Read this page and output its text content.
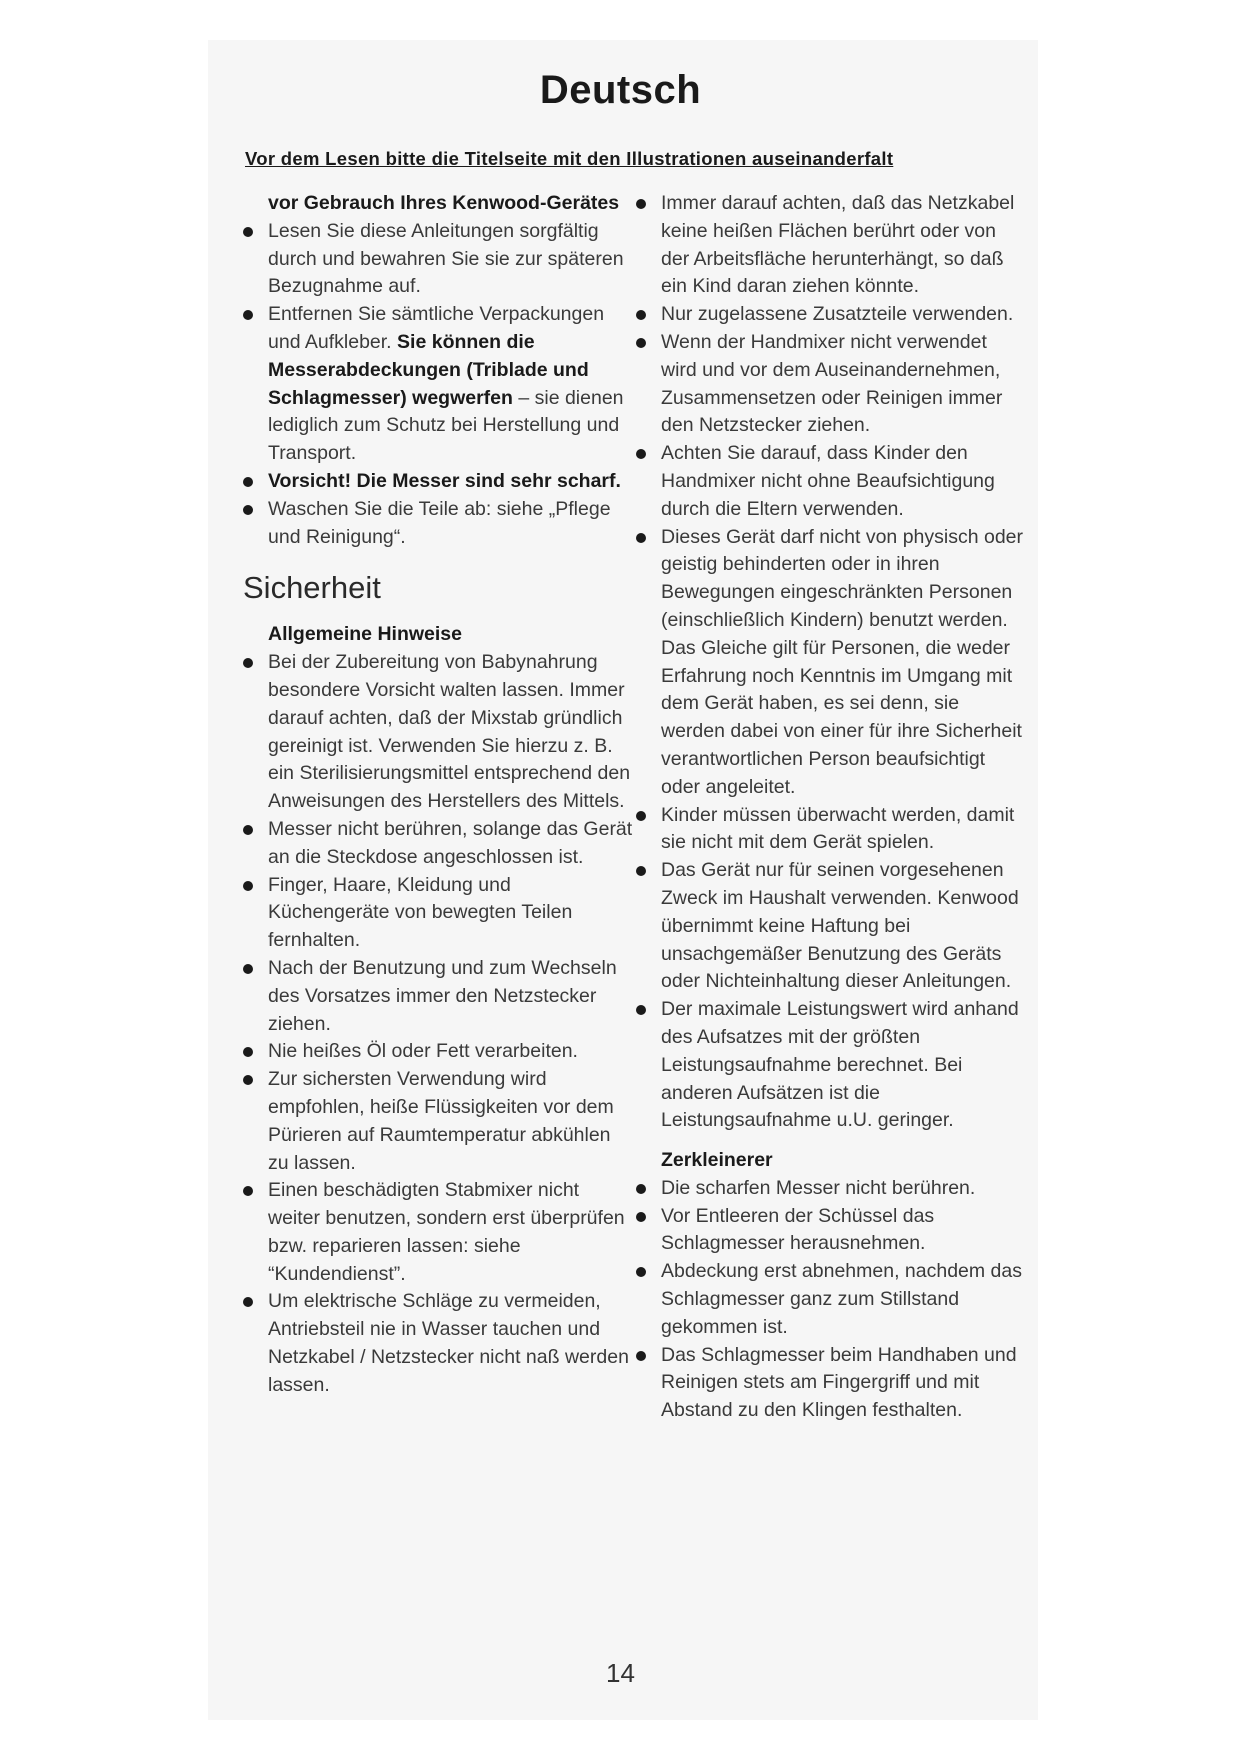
Deutsch
Vor dem Lesen bitte die Titelseite mit den Illustrationen auseinanderfalt

vor Gebrauch Ihres Kenwood-Gerätes

Lesen Sie diese Anleitungen sorgfältig durch und bewahren Sie sie zur späteren Bezugnahme auf.

Entfernen Sie sämtliche Verpackungen und Aufkleber. Sie können die Messerabdeckungen (Triblade und Schlagmesser) wegwerfen – sie dienen lediglich zum Schutz bei Herstellung und Transport.

Vorsicht! Die Messer sind sehr scharf.

Waschen Sie die Teile ab: siehe „Pflege und Reinigung“.

Sicherheit

Allgemeine Hinweise

Bei der Zubereitung von Babynahrung besondere Vorsicht walten lassen. Immer darauf achten, daß der Mixstab gründlich gereinigt ist. Verwenden Sie hierzu z. B. ein Sterilisierungsmittel entsprechend den Anweisungen des Herstellers des Mittels.

Messer nicht berühren, solange das Gerät an die Steckdose angeschlossen ist.

Finger, Haare, Kleidung und Küchengeräte von bewegten Teilen fernhalten.

Nach der Benutzung und zum Wechseln des Vorsatzes immer den Netzstecker ziehen.

Nie heißes Öl oder Fett verarbeiten.

Zur sichersten Verwendung wird empfohlen, heiße Flüssigkeiten vor dem Pürieren auf Raumtemperatur abkühlen zu lassen.

Einen beschädigten Stabmixer nicht weiter benutzen, sondern erst überprüfen bzw. reparieren lassen: siehe “Kundendienst”.

Um elektrische Schläge zu vermeiden, Antriebsteil nie in Wasser tauchen und Netzkabel / Netzstecker nicht naß werden lassen.

Immer darauf achten, daß das Netzkabel keine heißen Flächen berührt oder von der Arbeitsfläche herunterhängt, so daß ein Kind daran ziehen könnte.

Nur zugelassene Zusatzteile verwenden.

Wenn der Handmixer nicht verwendet wird und vor dem Auseinandernehmen, Zusammensetzen oder Reinigen immer den Netzstecker ziehen.

Achten Sie darauf, dass Kinder den Handmixer nicht ohne Beaufsichtigung durch die Eltern verwenden.

Dieses Gerät darf nicht von physisch oder geistig behinderten oder in ihren Bewegungen eingeschränkten Personen (einschließlich Kindern) benutzt werden. Das Gleiche gilt für Personen, die weder Erfahrung noch Kenntnis im Umgang mit dem Gerät haben, es sei denn, sie werden dabei von einer für ihre Sicherheit verantwortlichen Person beaufsichtigt oder angeleitet.

Kinder müssen überwacht werden, damit sie nicht mit dem Gerät spielen.

Das Gerät nur für seinen vorgesehenen Zweck im Haushalt verwenden. Kenwood übernimmt keine Haftung bei unsachgemäßer Benutzung des Geräts oder Nichteinhaltung dieser Anleitungen.

Der maximale Leistungswert wird anhand des Aufsatzes mit der größten Leistungsaufnahme berechnet. Bei anderen Aufsätzen ist die Leistungsaufnahme u.U. geringer.

Zerkleinerer

Die scharfen Messer nicht berühren.

Vor Entleeren der Schüssel das Schlagmesser herausnehmen.

Abdeckung erst abnehmen, nachdem das Schlagmesser ganz zum Stillstand gekommen ist.

Das Schlagmesser beim Handhaben und Reinigen stets am Fingergriff und mit Abstand zu den Klingen festhalten.

14
